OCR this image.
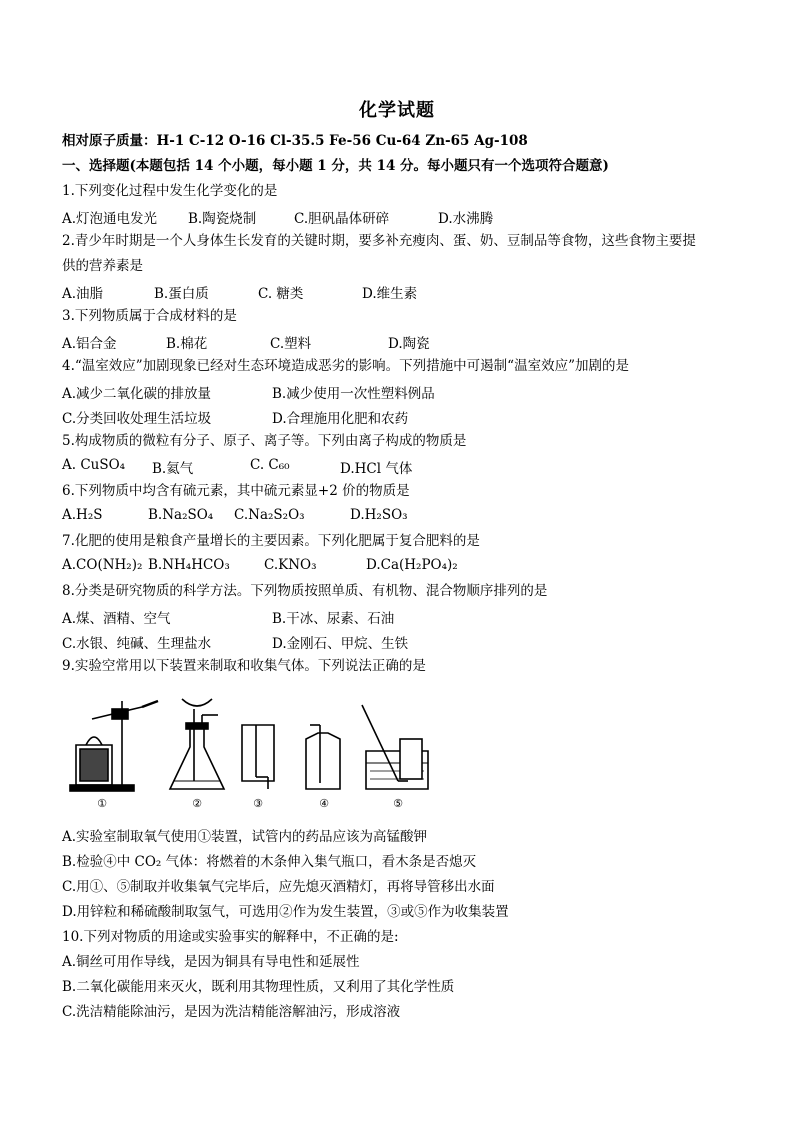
化学试题
相对原子质量：H-1 C-12 O-16 Cl-35.5 Fe-56 Cu-64 Zn-65 Ag-108
一、选择题(本题包括 14 个小题，每小题 1 分，共 14 分。每小题只有一个选项符合题意)
1.下列变化过程中发生化学变化的是
A.灯泡通电发光 B.陶瓷烧制	C.胆矾晶体研碎	D.水沸腾
2.青少年时期是一个人身体生长发育的关键时期，要多补充瘦肉、蛋、奶、豆制品等食物，这些食物主要提
供的营养素是
A.油脂	B.蛋白质	C. 糖类	D.维生素
3.下列物质属于合成材料的是
A.铝合金	B.棉花	C.塑料	D.陶瓷
4.“温室效应”加剧现象已经对生态环境造成恶劣的影响。下列措施中可遏制“温室效应”加剧的是
A.减少二氧化碳的排放量	B.减少使用一次性塑料例品
C.分类回收处理生活垃圾	D.合理施用化肥和农药
5.构成物质的微粒有分子、原子、离子等。下列由离子构成的物质是
A. CuSO₄ B.氦气	C. C₆₀	D.HCl 气体
6.下列物质中均含有硫元素，其中硫元素显+2 价的物质是
A.H₂S	B.Na₂SO₄ C.Na₂S₂O₃	D.H₂SO₃
7.化肥的使用是粮食产量增长的主要因素。下列化肥属于复合肥料的是
A.CO(NH₂)₂ B.NH₄HCO₃	C.KNO₃	D.Ca(H₂PO₄)₂
8.分类是研究物质的科学方法。下列物质按照单质、有机物、混合物顺序排列的是
A.煤、酒精、空气	B.干冰、尿素、石油
C.水银、纯碱、生理盐水	D.金刚石、甲烷、生铁
9.实验空常用以下装置来制取和收集气体。下列说法正确的是
①	②	③	④	⑤
A.实验室制取氧气使用①装置，试管内的药品应该为高锰酸钾
B.检验④中 CO₂ 气体：将燃着的木条伸入集气瓶口，看木条是否熄灭
C.用①、⑤制取并收集氧气完毕后，应先熄灭酒精灯，再将导管移出水面
D.用锌粒和稀硫酸制取氢气，可选用②作为发生装置，③或⑤作为收集装置
10.下列对物质的用途或实验事实的解释中，不正确的是:
A.铜丝可用作导线，是因为铜具有导电性和延展性
B.二氧化碳能用来灭火，既利用其物理性质，又利用了其化学性质
C.洗洁精能除油污，是因为洗洁精能溶解油污，形成溶液
